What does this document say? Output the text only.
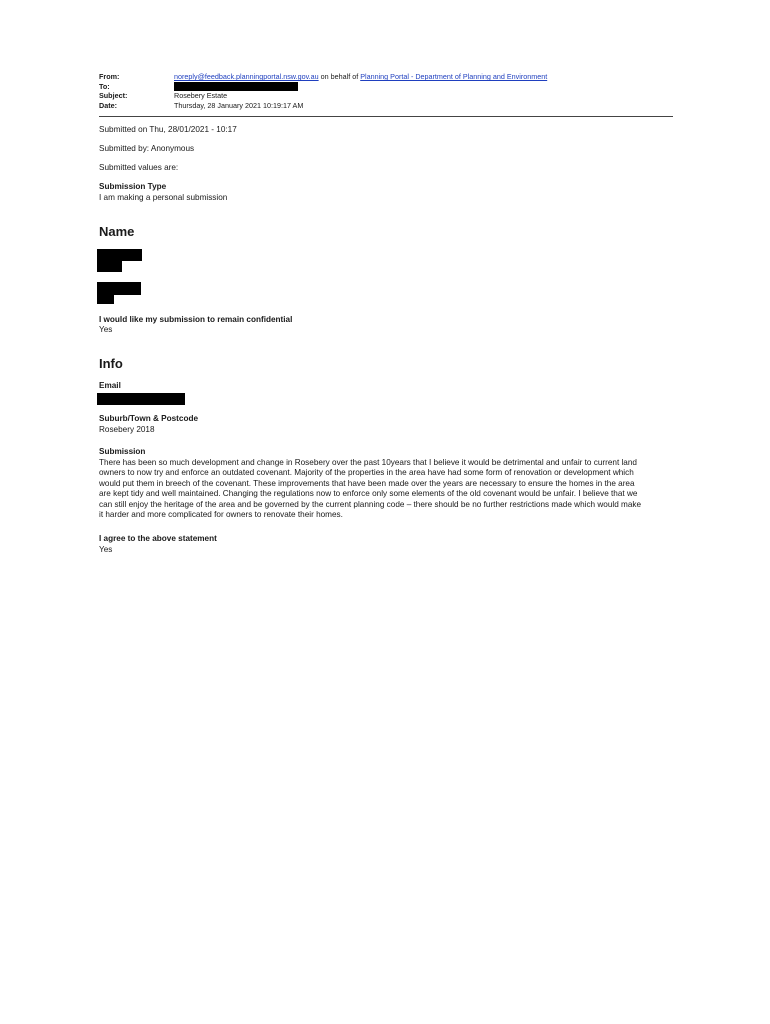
From:	noreply@feedback.planningportal.nsw.gov.au on behalf of Planning Portal - Department of Planning and Environment
To:
Subject:	Rosebery Estate
Date:	Thursday, 28 January 2021 10:19:17 AM
Submitted on Thu, 28/01/2021 - 10:17
Submitted by: Anonymous
Submitted values are:
Submission Type
I am making a personal submission
Name
I would like my submission to remain confidential
Yes
Info
Email
Suburb/Town & Postcode
Rosebery 2018
Submission
There has been so much development and change in Rosebery over the past 10years that I believe it would be detrimental and unfair to current land
owners to now try and enforce an outdated covenant. Majority of the properties in the area have had some form of renovation or development which
would put them in breech of the covenant. These improvements that have been made over the years are necessary to ensure the homes in the area
are kept tidy and well maintained. Changing the regulations now to enforce only some elements of the old covenant would be unfair. I believe that we
can still enjoy the heritage of the area and be governed by the current planning code – there should be no further restrictions made which would make
it harder and more complicated for owners to renovate their homes.
I agree to the above statement
Yes
